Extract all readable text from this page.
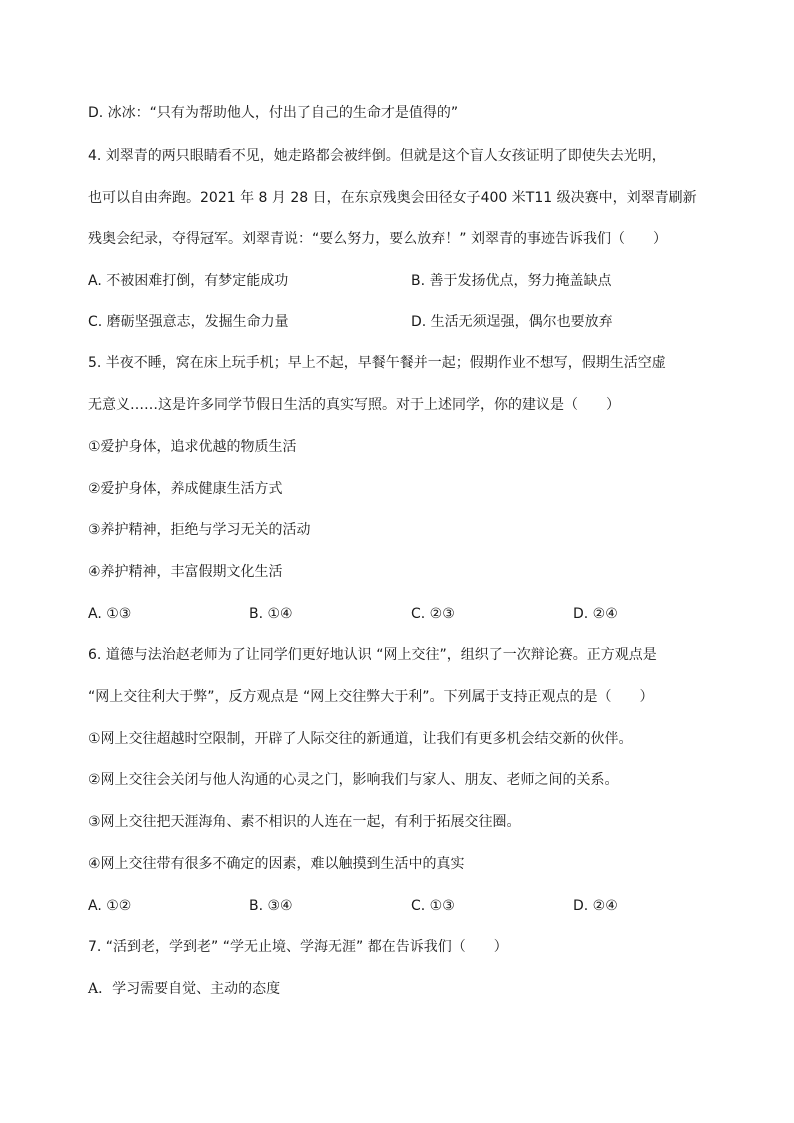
D. 冰冰：“只有为帮助他人，付出了自己的生命才是值得的”
4. 刘翠青的两只眼睛看不见，她走路都会被绊倒。但就是这个盲人女孩证明了即使失去光明，
也可以自由奔跑。2021 年 8 月 28 日，在东京残奥会田径女子400 米T11 级决赛中，刘翠青刷新
残奥会纪录，夺得冠军。刘翠青说：“要么努力，要么放弃！” 刘翠青的事迹告诉我们（　　）
A. 不被困难打倒，有梦定能成功	B. 善于发扬优点，努力掩盖缺点
C. 磨砺坚强意志，发掘生命力量	D. 生活无须逞强，偶尔也要放弃
5. 半夜不睡，窝在床上玩手机；早上不起，早餐午餐并一起；假期作业不想写，假期生活空虚
无意义……这是许多同学节假日生活的真实写照。对于上述同学，你的建议是（　　）
①爱护身体，追求优越的物质生活
②爱护身体，养成健康生活方式
③养护精神，拒绝与学习无关的活动
④养护精神，丰富假期文化生活
A. ①③	B. ①④	C. ②③	D. ②④
6. 道德与法治赵老师为了让同学们更好地认识 “网上交往”，组织了一次辩论赛。正方观点是
“网上交往利大于弊”，反方观点是 “网上交往弊大于利”。下列属于支持正观点的是（　　）
①网上交往超越时空限制，开辟了人际交往的新通道，让我们有更多机会结交新的伙伴。
②网上交往会关闭与他人沟通的心灵之门，影响我们与家人、朋友、老师之间的关系。
③网上交往把天涯海角、素不相识的人连在一起，有利于拓展交往圈。
④网上交往带有很多不确定的因素，难以触摸到生活中的真实
A. ①②	B. ③④	C. ①③	D. ②④
7. “活到老，学到老” “学无止境、学海无涯” 都在告诉我们（　　）
A．学习需要自觉、主动的态度
